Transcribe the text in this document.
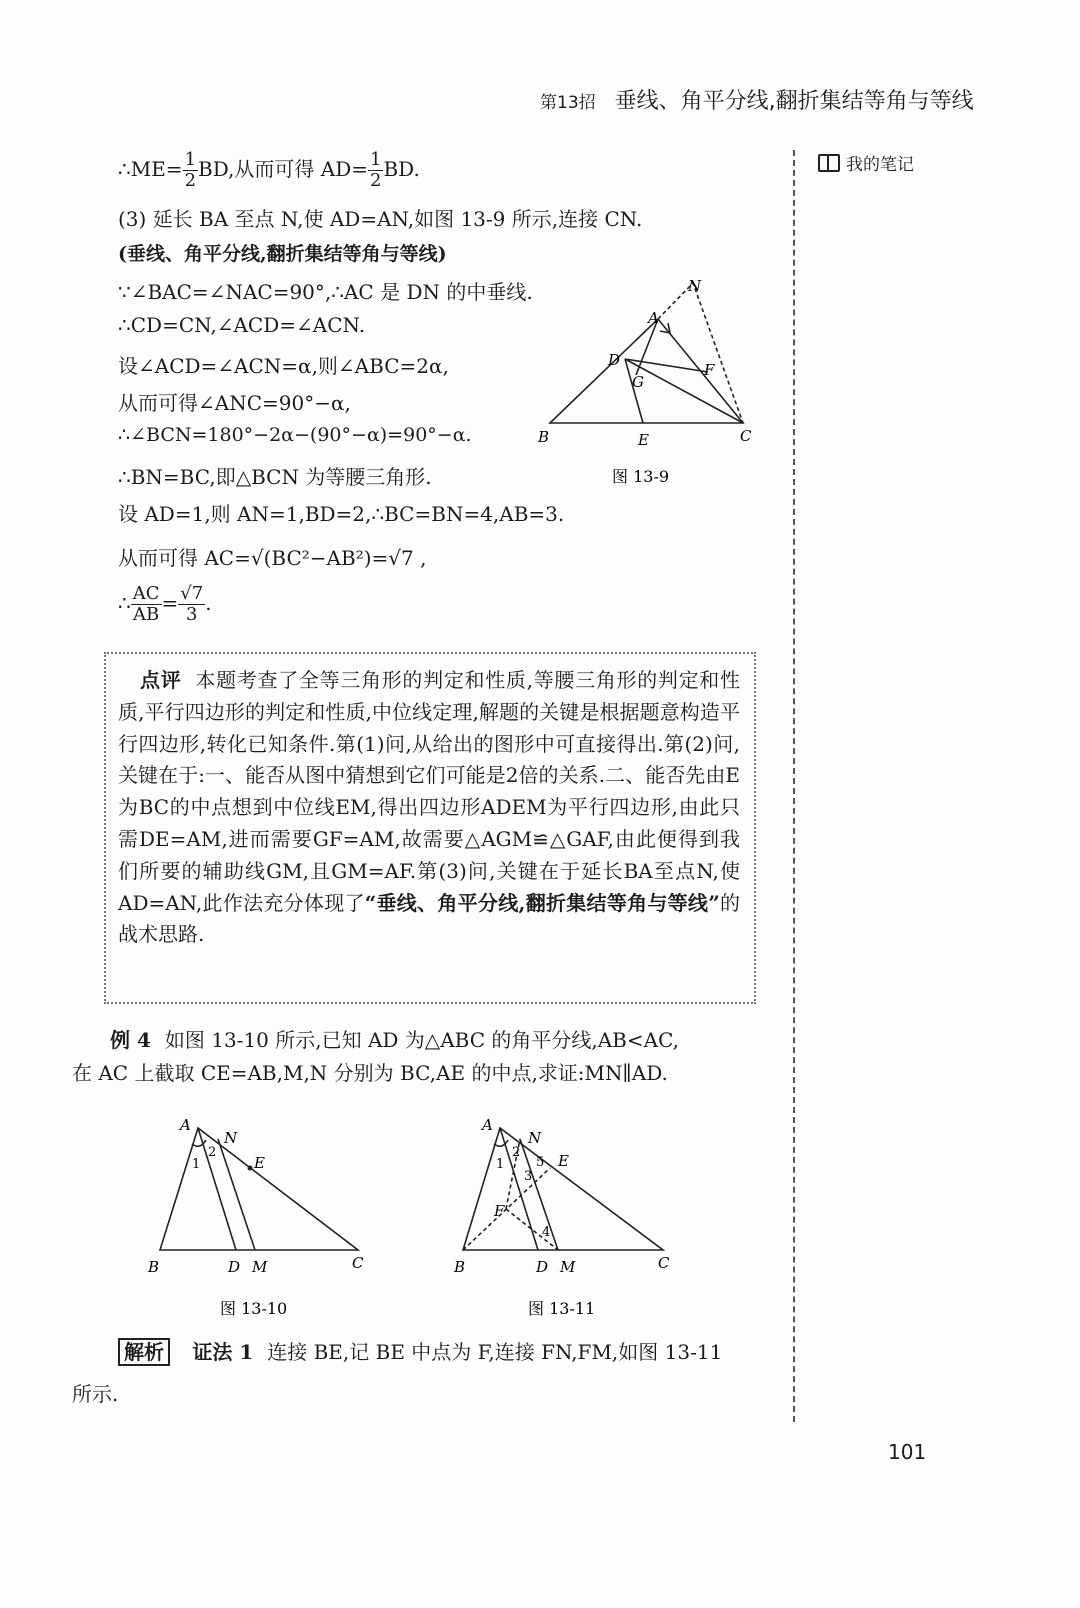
第13招 垂线、角平分线,翻折集结等角与等线
我的笔记
∴ME= $\frac{1}{2}$ BD,从而可得 $AD= \frac{1}{2}$ BD.
(3) 延长 BA 至点 N,使 AD=AN,如图 13-9 所示,连接 CN.
(垂线、角平分线,翻折集结等角与等线)
∵∠BAC=∠NAC=90°,∴AC 是 DN 的中垂线.
∴CD=CN,∠ACD=∠ACN.
设∠ACD=∠ACN=α,则∠ABC=2α,
从而可得∠ANC=90°−α,
∴∠BCN=180°−2α−(90°−α)=90°−α.
∴BN=BC,即△BCN 为等腰三角形.
设 AD=1,则 AN=1,BD=2,∴BC=BN=4,AB=3.
从而可得 AC=√(BC²−AB²)=√7 ,
∴ $\frac{AC}{AB} = \frac{√7}{3}$ .
N
A
D
F
G
B	E	C
图 13-9
点评 本题考查了全等三角形的判定和性质,等腰三角形的判定和性质,平行四边形的判定和性质,中位线定理,解题的关键是根据题意构造平行四边形,转化已知条件.第(1)问,从给出的图形中可直接得出.第(2)问,关键在于:一、能否从图中猜想到它们可能是2倍的关系.二、能否先由E为BC的中点想到中位线EM,得出四边形ADEM为平行四边形,由此只需DE=AM,进而需要GF=AM,故需要△AGM≌△GAF,由此便得到我们所要的辅助线GM,且GM=AF.第(3)问,关键在于延长BA至点N,使AD=AN,此作法充分体现了“垂线、角平分线,翻折集结等角与等线”的战术思路.
例 4 如图 13-10 所示,已知 AD 为△ABC 的角平分线,AB<AC,
在 AC 上截取 CE=AB,M,N 分别为 BC,AE 的中点,求证:MN∥AD.
A
N
E
1
2
B	D M	C
图 13-10
A
N
E
F
1
2
3
4
5
B	D M	C
图 13-11
解析 证法 1 连接 BE,记 BE 中点为 F,连接 FN,FM,如图 13-11
所示.
101
